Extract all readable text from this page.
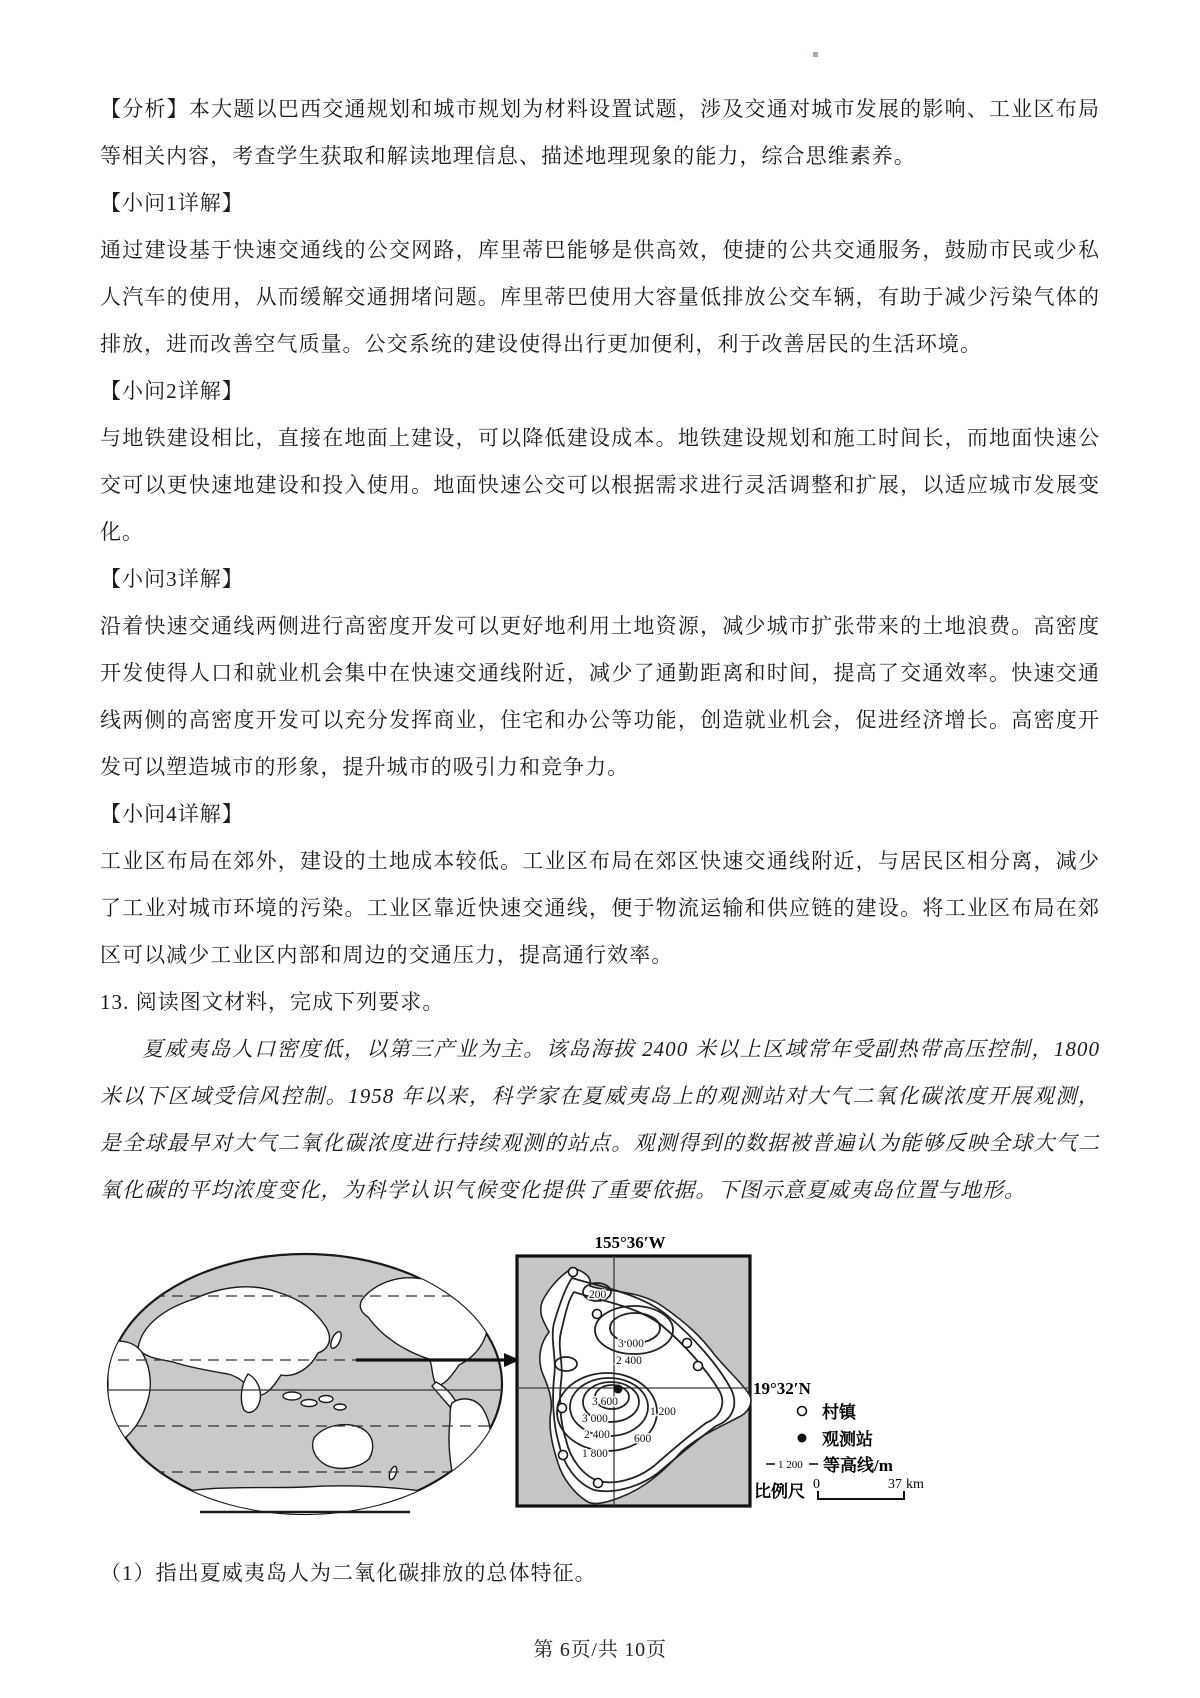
【分析】本大题以巴西交通规划和城市规划为材料设置试题，涉及交通对城市发展的影响、工业区布局等相关内容，考查学生获取和解读地理信息、描述地理现象的能力，综合思维素养。

【小问1详解】

通过建设基于快速交通线的公交网路，库里蒂巴能够是供高效，使捷的公共交通服务，鼓励市民或少私人汽车的使用，从而缓解交通拥堵问题。库里蒂巴使用大容量低排放公交车辆，有助于减少污染气体的排放，进而改善空气质量。公交系统的建设使得出行更加便利，利于改善居民的生活环境。

【小问2详解】

与地铁建设相比，直接在地面上建设，可以降低建设成本。地铁建设规划和施工时间长，而地面快速公交可以更快速地建设和投入使用。地面快速公交可以根据需求进行灵活调整和扩展，以适应城市发展变化。

【小问3详解】

沿着快速交通线两侧进行高密度开发可以更好地利用土地资源，减少城市扩张带来的土地浪费。高密度开发使得人口和就业机会集中在快速交通线附近，减少了通勤距离和时间，提高了交通效率。快速交通线两侧的高密度开发可以充分发挥商业，住宅和办公等功能，创造就业机会，促进经济增长。高密度开发可以塑造城市的形象，提升城市的吸引力和竞争力。

【小问4详解】

工业区布局在郊外，建设的土地成本较低。工业区布局在郊区快速交通线附近，与居民区相分离，减少了工业对城市环境的污染。工业区靠近快速交通线，便于物流运输和供应链的建设。将工业区布局在郊区可以减少工业区内部和周边的交通压力，提高通行效率。

13. 阅读图文材料，完成下列要求。

夏威夷岛人口密度低，以第三产业为主。该岛海拔 2400 米以上区域常年受副热带高压控制，1800 米以下区域受信风控制。1958 年以来，科学家在夏威夷岛上的观测站对大气二氧化碳浓度开展观测，是全球最早对大气二氧化碳浓度进行持续观测的站点。观测得到的数据被普遍认为能够反映全球大气二氧化碳的平均浓度变化，为科学认识气候变化提供了重要依据。下图示意夏威夷岛位置与地形。

155°36′W
19°32′N
200
3 000
2 400
3 600
3 000
2 400
1 800
1 200
600
村镇
观测站
1 200 等高线/m
比例尺 0	37 km

（1）指出夏威夷岛人为二氧化碳排放的总体特征。

第 6页/共 10页
